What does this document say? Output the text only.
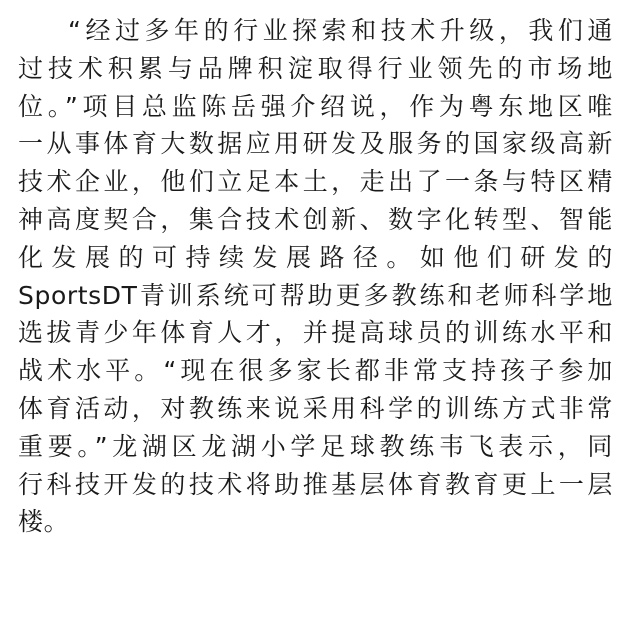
“经过多年的行业探索和技术升级，我们通
过技术积累与品牌积淀取得行业领先的市场地
位。”项目总监陈岳强介绍说，作为粤东地区唯
一从事体育大数据应用研发及服务的国家级高新
技术企业，他们立足本土，走出了一条与特区精
神高度契合，集合技术创新、数字化转型、智能
化发展的可持续发展路径。如他们研发的
SportsDT青训系统可帮助更多教练和老师科学地
选拔青少年体育人才，并提高球员的训练水平和
战术水平。“现在很多家长都非常支持孩子参加
体育活动，对教练来说采用科学的训练方式非常
重要。”龙湖区龙湖小学足球教练韦飞表示，同
行科技开发的技术将助推基层体育教育更上一层
楼。
